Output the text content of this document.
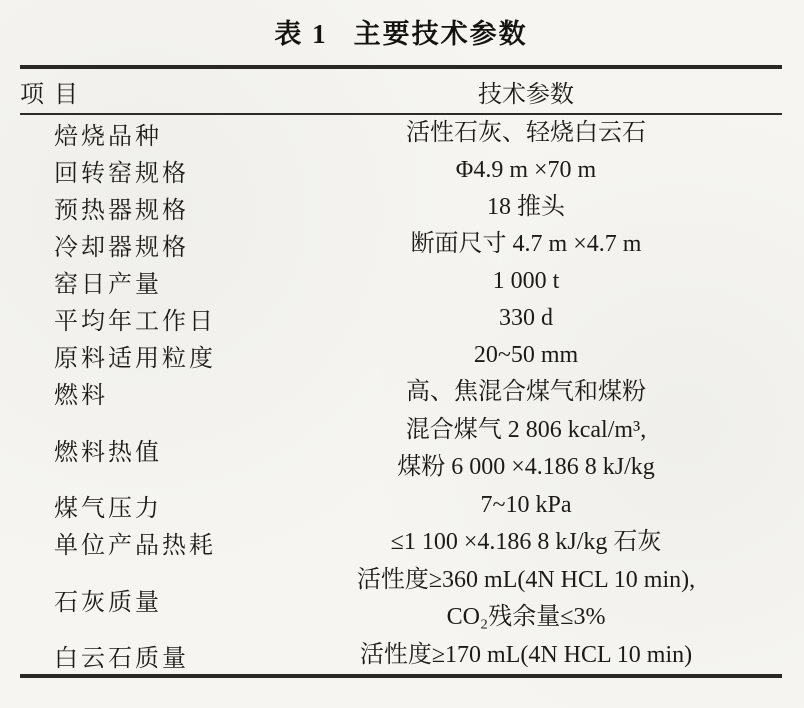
表 1 主要技术参数
项目	技术参数
焙烧品种	活性石灰、轻烧白云石

回转窑规格	Φ4.9 m ×70 m

预热器规格	18 推头

冷却器规格	断面尺寸 4.7 m ×4.7 m

窑日产量	1 000 t

平均年工作日	330 d

原料适用粒度	20~50 mm

燃料	高、焦混合煤气和煤粉

燃料热值	混合煤气 2 806 kcal/m³,
煤粉 6 000 ×4.186 8 kJ/kg

煤气压力	7~10 kPa

单位产品热耗	≤1 100 ×4.186 8 kJ/kg 石灰

石灰质量	活性度≥360 mL(4N HCL 10 min),
CO₂残余量≤3%

白云石质量	活性度≥170 mL(4N HCL 10 min)
